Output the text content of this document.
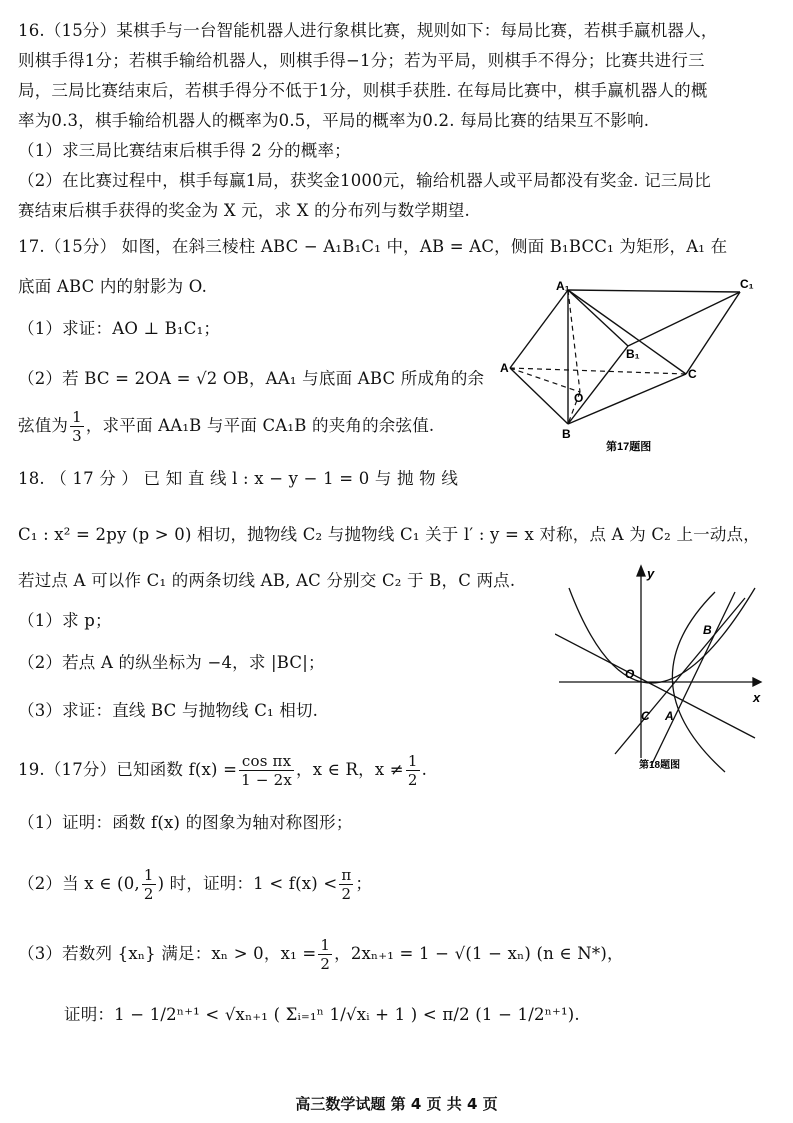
16.（15分）某棋手与一台智能机器人进行象棋比赛，规则如下：每局比赛，若棋手赢机器人，
则棋手得1分；若棋手输给机器人，则棋手得−1分；若为平局，则棋手不得分；比赛共进行三
局，三局比赛结束后，若棋手得分不低于1分，则棋手获胜. 在每局比赛中，棋手赢机器人的概
率为0.3，棋手输给机器人的概率为0.5，平局的概率为0.2. 每局比赛的结果互不影响.
（1）求三局比赛结束后棋手得 2 分的概率；
（2）在比赛过程中，棋手每赢1局，获奖金1000元，输给机器人或平局都没有奖金. 记三局比
赛结束后棋手获得的奖金为 X 元，求 X 的分布列与数学期望.
17.（15分） 如图，在斜三棱柱 ABC − A₁B₁C₁ 中，AB = AC，侧面 B₁BCC₁ 为矩形，A₁ 在
底面 ABC 内的射影为 O.
（1）求证：AO ⊥ B₁C₁；
（2）若 BC = 2OA = √2 OB，AA₁ 与底面 ABC 所成角的余
弦值为 $\frac{1}{3}$ ，求平面 AA₁B 与平面 CA₁B 的夹角的余弦值.
A₁	C₁
B₁
A	C
O
B
第17题图
18. （ 17 分 ） 已 知 直 线 l : x − y − 1 = 0 与 抛 物 线
C₁ : x² = 2py (p > 0) 相切，抛物线 C₂ 与抛物线 C₁ 关于 l′ : y = x 对称，点 A 为 C₂ 上一动点，
若过点 A 可以作 C₁ 的两条切线 AB, AC 分别交 C₂ 于 B，C 两点.
（1）求 p；
（2）若点 A 的纵坐标为 −4，求 |BC|；
（3）求证：直线 BC 与抛物线 C₁ 相切.
y
x
O
B
C A
第18题图
19.（17分）已知函数 $f(x) = \frac{\text{cos πx}}{1 - 2x}$ ，x ∈ R，$x \ne \frac{1}{2}$ .
（1）证明：函数 f(x) 的图象为轴对称图形；
（2）当 x ∈ (0, $\frac{1}{2}$ ) 时，证明：$1 < f(x) < \frac{\pi}{2}$ ；
（3）若数列 {xₙ} 满足：xₙ > 0，$x_1 = \frac{1}{2}$ ，2xₙ₊₁ = 1 − √(1 − xₙ) (n ∈ N*)，
证明：1 − 1/2ⁿ⁺¹ < √xₙ₊₁ ( Σᵢ₌₁ⁿ 1/√xᵢ + 1 ) < π/2 (1 − 1/2ⁿ⁺¹).
高三数学试题 第 4 页 共 4 页
